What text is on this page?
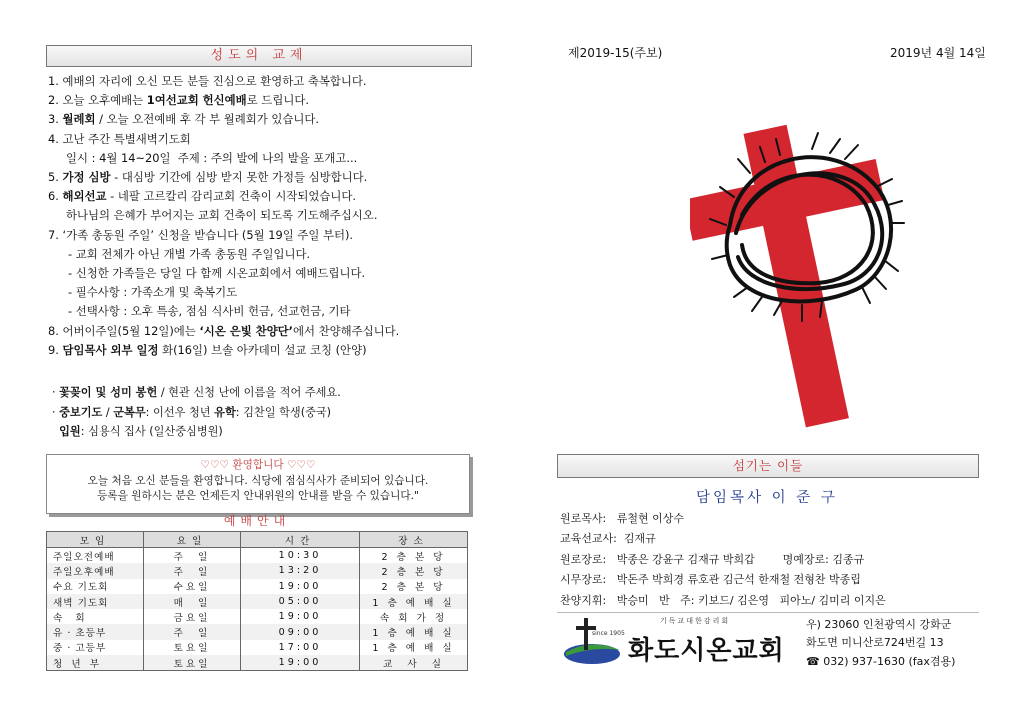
성도의 교제
1. 예배의 자리에 오신 모든 분들 진심으로 환영하고 축복합니다.
2. 오늘 오후예배는 1여선교회 헌신예배로 드립니다.
3. 월례회 / 오늘 오전예배 후 각 부 월례회가 있습니다.
4. 고난 주간 특별새벽기도회
일시 : 4월 14~20일  주제 : 주의 발에 나의 발을 포개고...
5. 가정 심방 - 대심방 기간에 심방 받지 못한 가정들 심방합니다.
6. 해외선교 - 네팔 고르칼리 감리교회 건축이 시작되었습니다.
하나님의 은혜가 부어지는 교회 건축이 되도록 기도해주십시오.
7. ‘가족 총동원 주일’ 신청을 받습니다 (5월 19일 주일 부터).
- 교회 전체가 아닌 개별 가족 총동원 주일입니다.
- 신청한 가족들은 당일 다 함께 시온교회에서 예배드립니다.
- 필수사항 : 가족소개 및 축복기도
- 선택사항 : 오후 특송, 점심 식사비 헌금, 선교헌금, 기타
8. 어버이주일(5월 12일)에는 ‘시온 은빛 찬양단’에서 찬양해주십니다.
9. 담임목사 외부 일정 화(16일) 브솔 아카데미 설교 코칭 (안양)
· 꽃꽂이 및 성미 봉헌 / 현관 신청 난에 이름을 적어 주세요.
· 중보기도 / 군복무: 이선우 청년 유학: 김찬일 학생(중국)
입원: 심용식 집사 (일산중심병원)
♡♡♡ 환영합니다 ♡♡♡
오늘 처음 오신 분들을 환영합니다. 식당에 점심식사가 준비되어 있습니다.
등록을 원하시는 분은 언제든지 안내위원의 안내를 받을 수 있습니다."
예배안내
모임	요일	시간	장소
주일오전예배	주  일	10:30	2 층 본 당
주일오후예배	주  일	13:20	2 층 본 당
수요 기도회	수요일	19:00	2 층 본 당
새벽 기도회	매  일	05:00	1 층 예 배 실
속   회	금요일	19:00	속 회 가 정
유 · 초등부	주  일	09:00	1 층 예 배 실
중 · 고등부	토요일	17:00	1 층 예 배 실
청  년  부	토요일	19:00	교  사  실
제2019-15(주보)	2019년 4월 14일
섬기는 이들
담임목사 이 준 구
원로목사:   류철현 이상수
교육선교사:  김재규
원로장로:   박종은 강윤구 김재규 박희갑        명예장로: 김종규
시무장로:   박돈주 박희경 류호관 김근석 한재철 전형찬 박종립
찬양지휘:   박승미   반   주: 키보드/ 김은영   피아노/ 김미리 이지은
since 1905
기독교대한감리회
화도시온교회
우) 23060 인천광역시 강화군
화도면 미니산로724번길 13
☎ 032) 937-1630 (fax겸용)
